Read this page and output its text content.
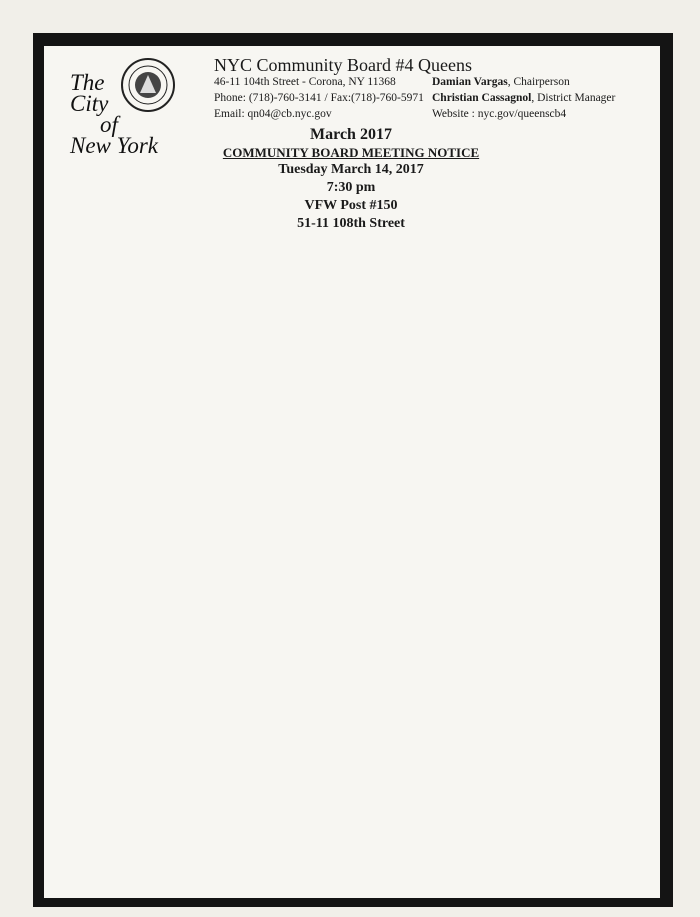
The
City
of
New York
NYC Community Board #4 Queens
46-11 104th Street - Corona, NY 11368
Phone: (718)-760-3141 / Fax:(718)-760-5971
Email: qn04@cb.nyc.gov
Damian Vargas, Chairperson
Christian Cassagnol, District Manager
Website : nyc.gov/queenscb4
March 2017
COMMUNITY BOARD MEETING NOTICE
Tuesday March 14, 2017
7:30 pm
VFW Post #150
51-11 108th Street
